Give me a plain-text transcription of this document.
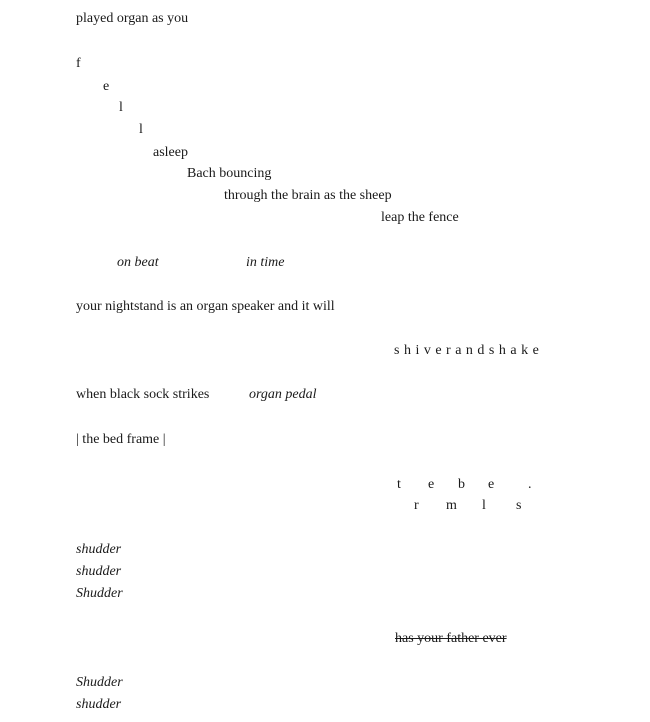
played organ as you
f
e
l
l
asleep
Bach bouncing
through the brain as the sheep
leap the fence
on beat	in time
your nightstand is an organ speaker and it will
s h i v e r a n d s h a k e
when black sock strikes	organ pedal
| the bed frame |
t e b e .
r m l s
shudder
shudder
Shudder
has your father ever
Shudder
shudder
